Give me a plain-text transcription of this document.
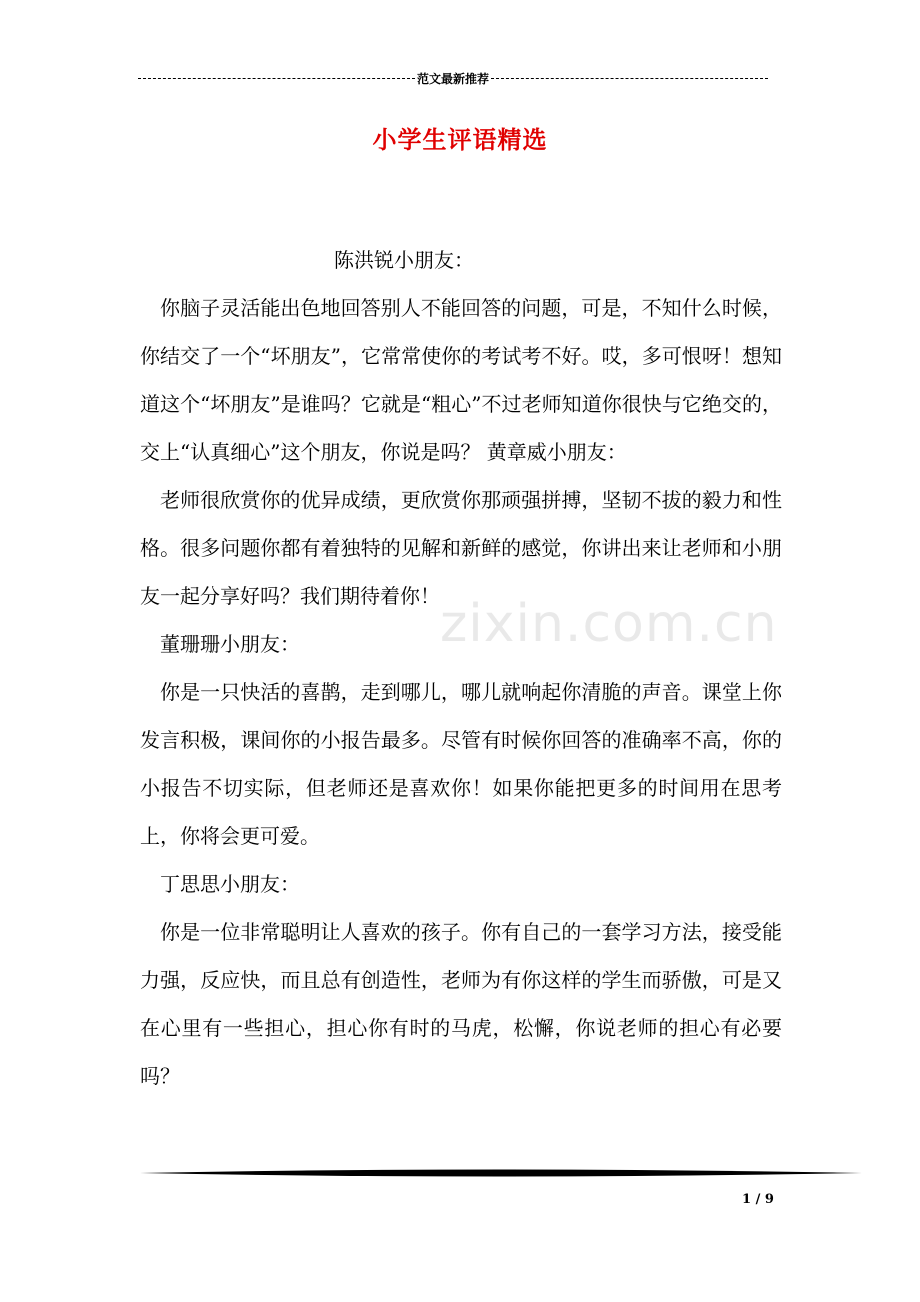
范文最新推荐
小学生评语精选
zixin.com.cn

陈洪锐小朋友：

你脑子灵活能出色地回答别人不能回答的问题，可是，不知什么时候，你结交了一个“坏朋友”，它常常使你的考试考不好。哎，多可恨呀！想知道这个“坏朋友”是谁吗？它就是“粗心”不过老师知道你很快与它绝交的，交上“认真细心”这个朋友，你说是吗？ 黄章威小朋友：

老师很欣赏你的优异成绩，更欣赏你那顽强拼搏，坚韧不拔的毅力和性格。很多问题你都有着独特的见解和新鲜的感觉，你讲出来让老师和小朋友一起分享好吗？我们期待着你！

董珊珊小朋友：

你是一只快活的喜鹊，走到哪儿，哪儿就响起你清脆的声音。课堂上你发言积极，课间你的小报告最多。尽管有时候你回答的准确率不高，你的小报告不切实际，但老师还是喜欢你！如果你能把更多的时间用在思考上，你将会更可爱。

丁思思小朋友：

你是一位非常聪明让人喜欢的孩子。你有自己的一套学习方法，接受能力强，反应快，而且总有创造性，老师为有你这样的学生而骄傲，可是又在心里有一些担心，担心你有时的马虎，松懈，你说老师的担心有必要吗？

1 / 9
